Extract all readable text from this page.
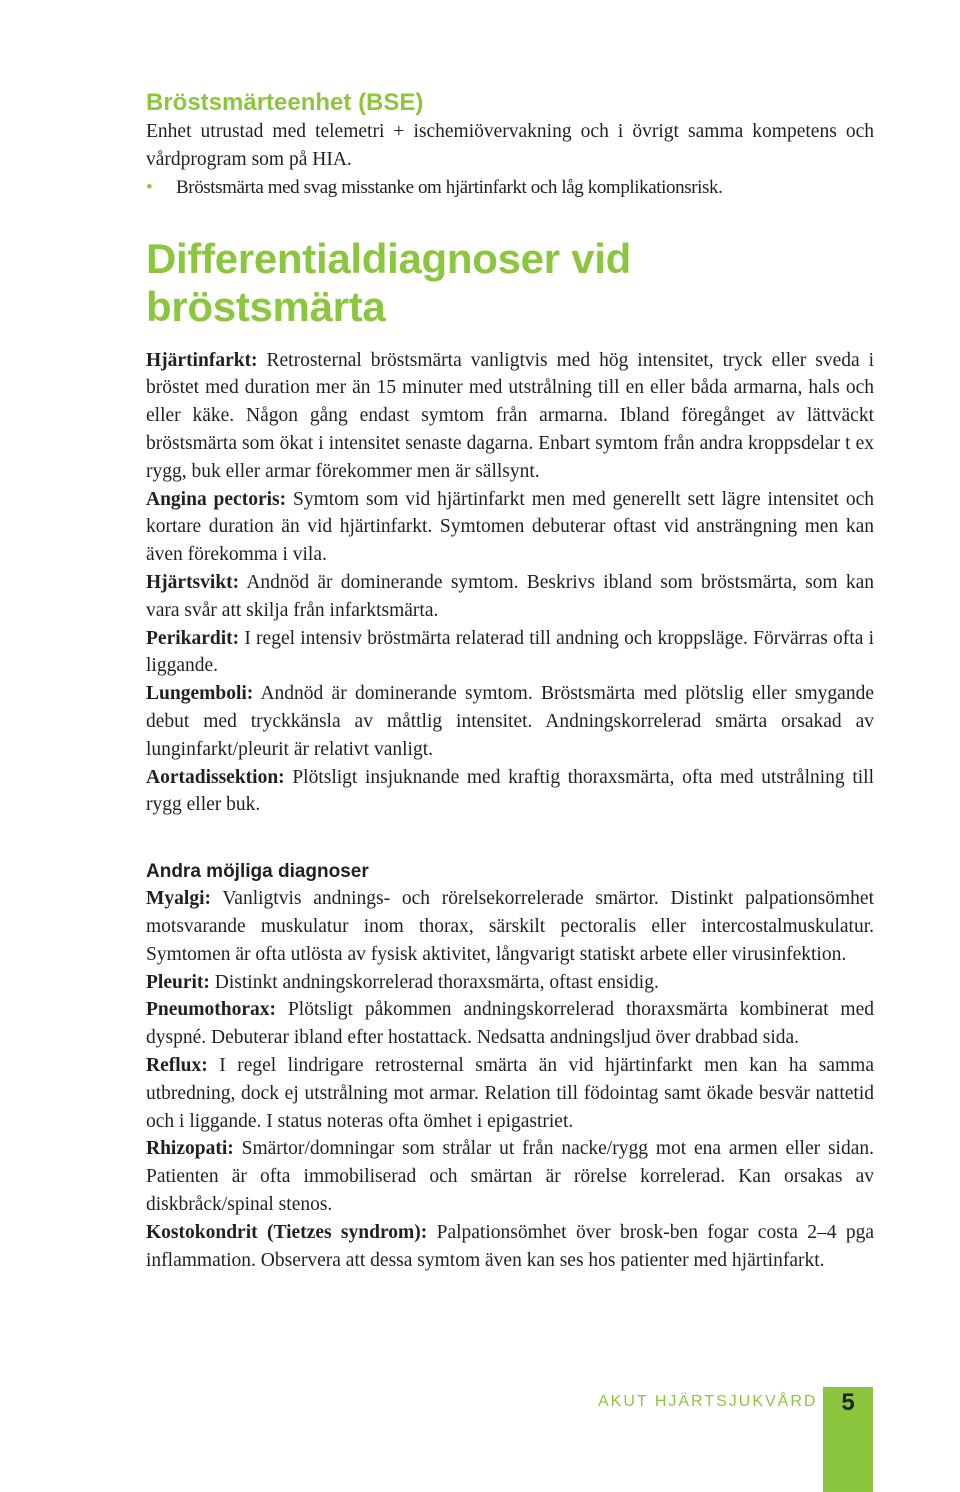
Bröstsmärteenhet (BSE)

Enhet utrustad med telemetri + ischemiövervakning och i övrigt samma kompetens och vårdprogram som på HIA.

• Bröstsmärta med svag misstanke om hjärtinfarkt och låg komplikationsrisk.
Differentialdiagnoser vid bröstsmärta

Hjärtinfarkt: Retrosternal bröstsmärta vanligtvis med hög intensitet, tryck eller sveda i bröstet med duration mer än 15 minuter med utstrålning till en eller båda armarna, hals och eller käke. Någon gång endast symtom från armarna. Ibland föregånget av lättväckt bröstsmärta som ökat i intensitet senaste dagarna. Enbart symtom från andra kroppsdelar t ex rygg, buk eller armar förekommer men är sällsynt.

Angina pectoris: Symtom som vid hjärtinfarkt men med generellt sett lägre intensitet och kortare duration än vid hjärtinfarkt. Symtomen debuterar oftast vid ansträngning men kan även förekomma i vila.

Hjärtsvikt: Andnöd är dominerande symtom. Beskrivs ibland som bröstsmärta, som kan vara svår att skilja från infarktsmärta.

Perikardit: I regel intensiv bröstmärta relaterad till andning och kroppsläge. Förvärras ofta i liggande.

Lungemboli: Andnöd är dominerande symtom. Bröstsmärta med plötslig eller smygande debut med tryckkänsla av måttlig intensitet. Andningskorrelerad smärta orsakad av lunginfarkt/pleurit är relativt vanligt.

Aortadissektion: Plötsligt insjuknande med kraftig thoraxsmärta, ofta med utstrålning till rygg eller buk.

Andra möjliga diagnoser

Myalgi: Vanligtvis andnings- och rörelsekorrelerade smärtor. Distinkt palpationsömhet motsvarande muskulatur inom thorax, särskilt pectoralis eller intercostalmuskulatur. Symtomen är ofta utlösta av fysisk aktivitet, långvarigt statiskt arbete eller virusinfektion.

Pleurit: Distinkt andningskorrelerad thoraxsmärta, oftast ensidig.

Pneumothorax: Plötsligt påkommen andningskorrelerad thoraxsmärta kombinerat med dyspné. Debuterar ibland efter hostattack. Nedsatta andningsljud över drabbad sida.

Reflux: I regel lindrigare retrosternal smärta än vid hjärtinfarkt men kan ha samma utbredning, dock ej utstrålning mot armar. Relation till födointag samt ökade besvär nattetid och i liggande. I status noteras ofta ömhet i epigastriet.

Rhizopati: Smärtor/domningar som strålar ut från nacke/rygg mot ena armen eller sidan. Patienten är ofta immobiliserad och smärtan är rörelse korrelerad. Kan orsakas av diskbråck/spinal stenos.

Kostokondrit (Tietzes syndrom): Palpationsömhet över brosk-ben fogar costa 2–4 pga inflammation. Observera att dessa symtom även kan ses hos patienter med hjärtinfarkt.

AKUT HJÄRTSJUKVÅRD 5
